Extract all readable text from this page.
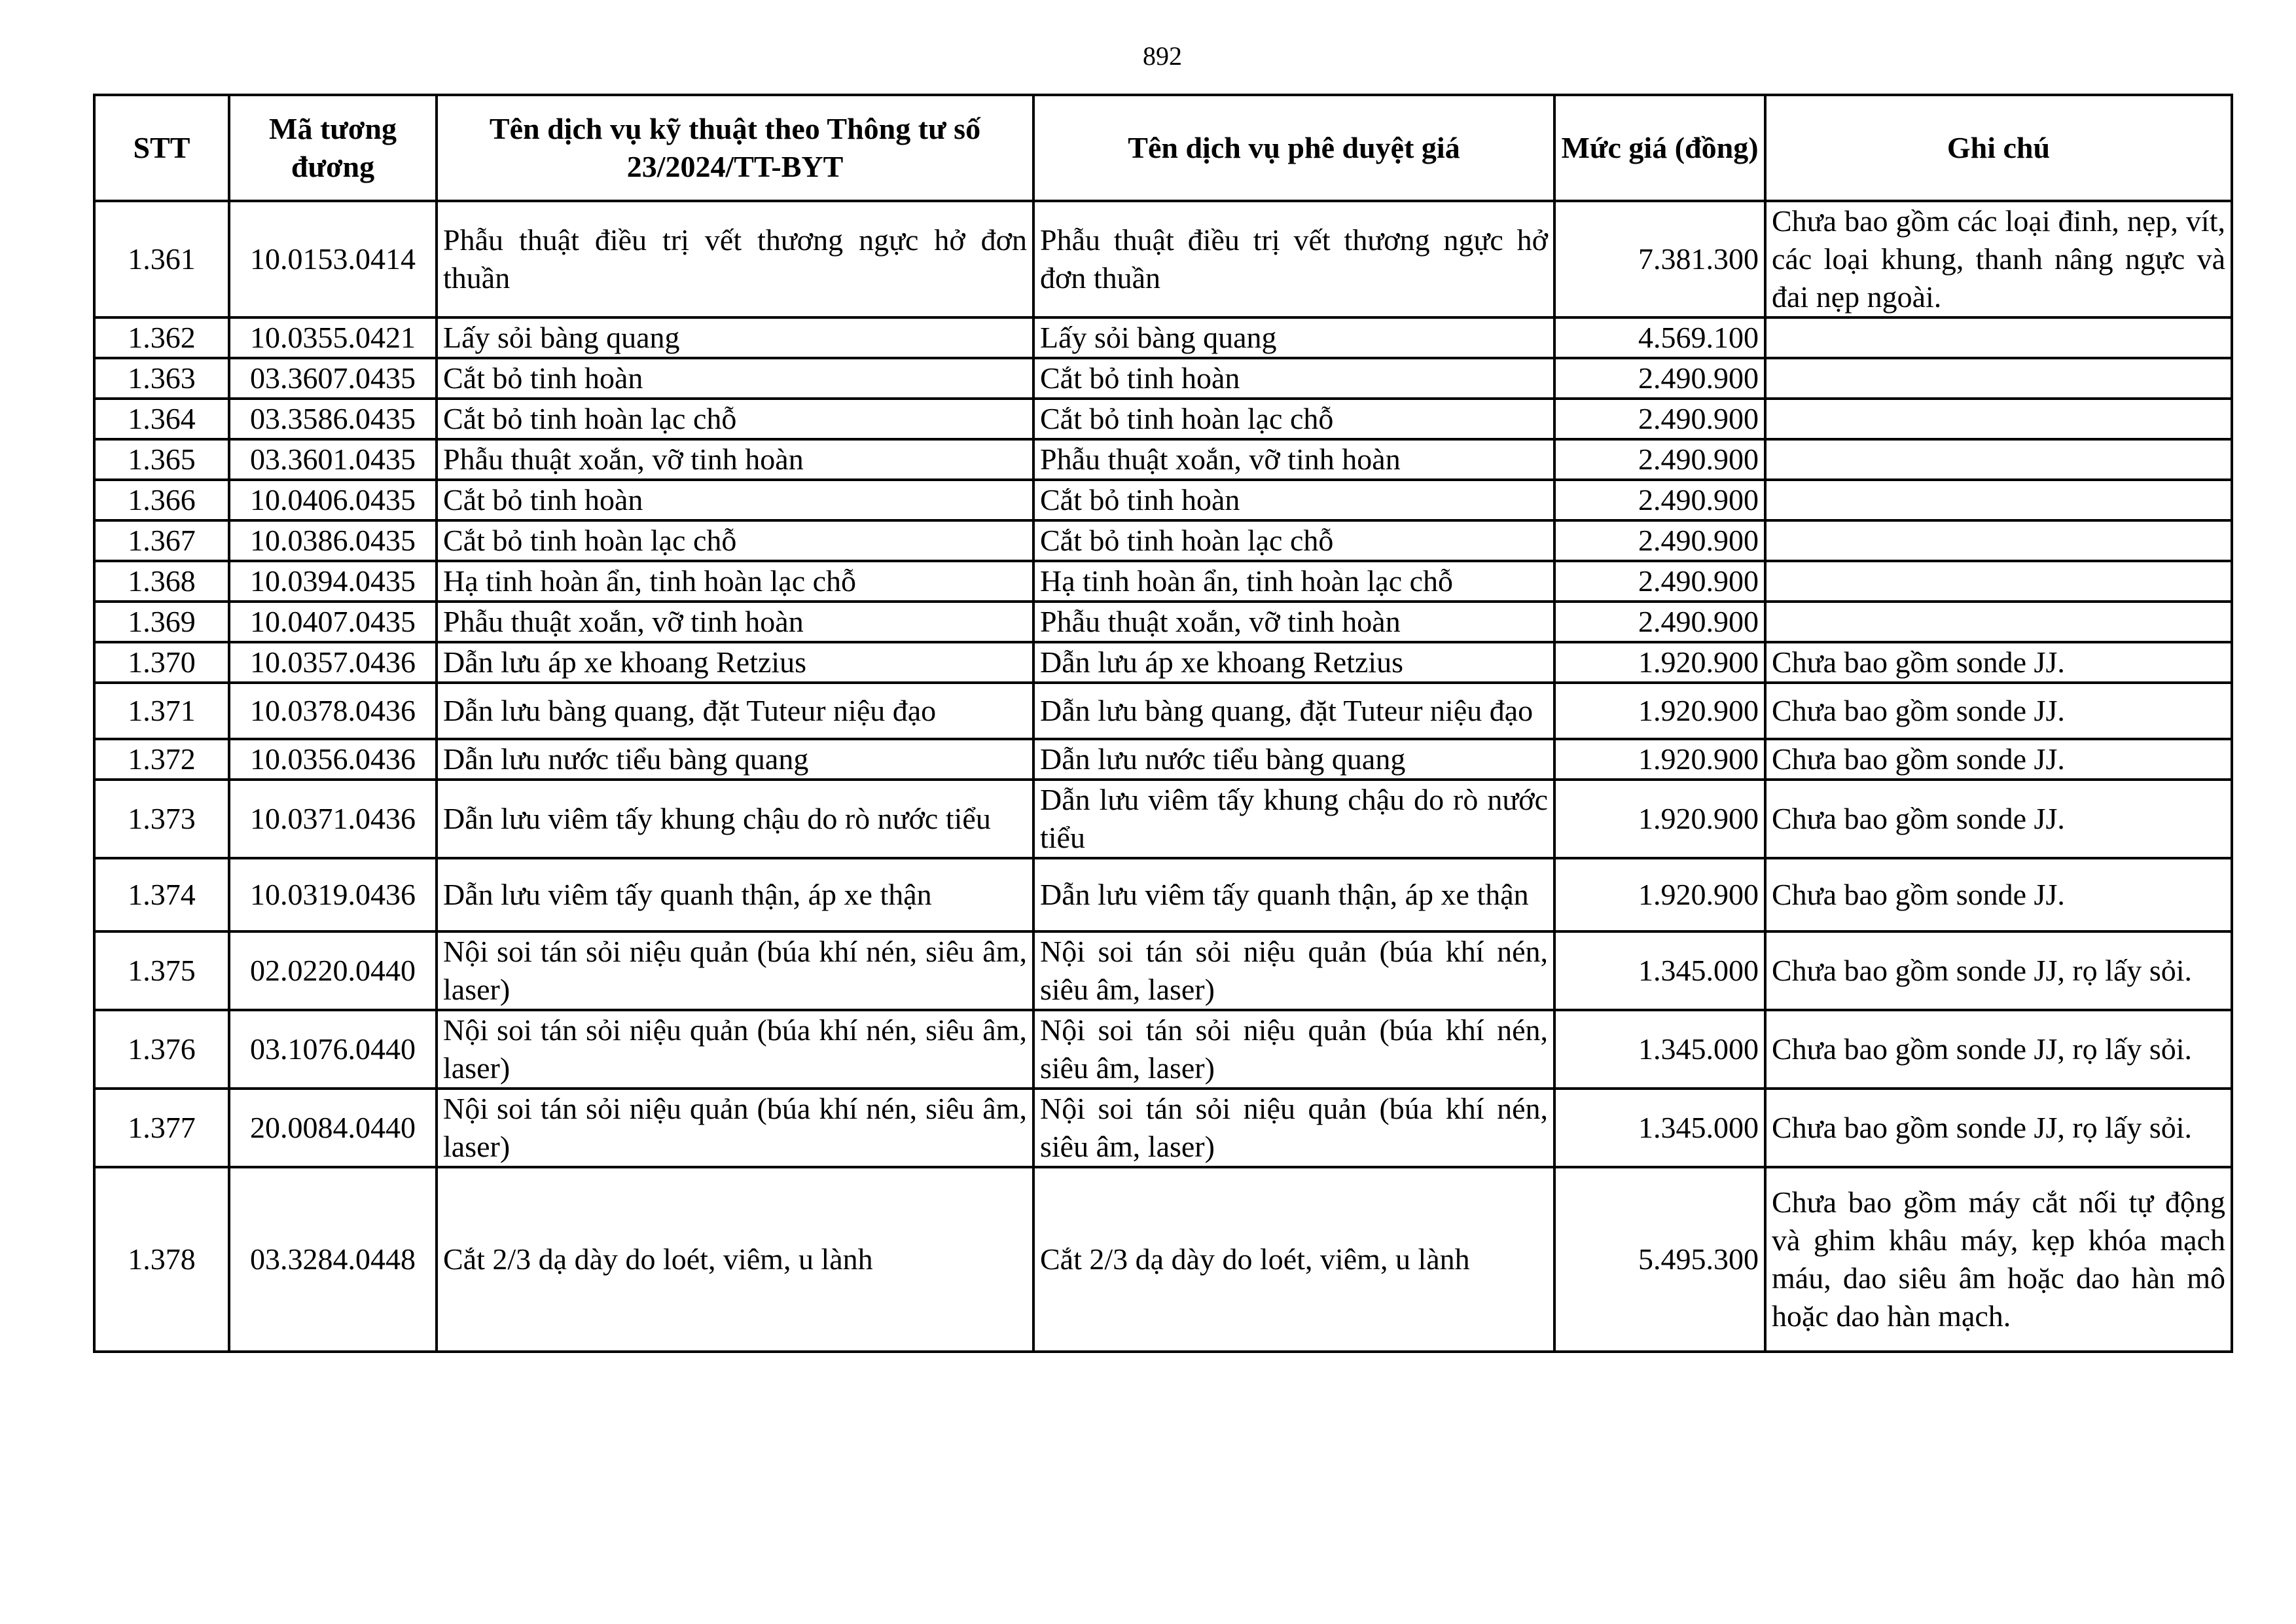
892
STT	Mã tương đương	Tên dịch vụ kỹ thuật theo Thông tư số 23/2024/TT-BYT	Tên dịch vụ phê duyệt giá	Mức giá (đồng)	Ghi chú
1.361	10.0153.0414	Phẫu thuật điều trị vết thương ngực hở đơn thuần	Phẫu thuật điều trị vết thương ngực hở đơn thuần	7.381.300	Chưa bao gồm các loại đinh, nẹp, vít, các loại khung, thanh nâng ngực và đai nẹp ngoài.
1.362	10.0355.0421	Lấy sỏi bàng quang	Lấy sỏi bàng quang	4.569.100	
1.363	03.3607.0435	Cắt bỏ tinh hoàn	Cắt bỏ tinh hoàn	2.490.900	
1.364	03.3586.0435	Cắt bỏ tinh hoàn lạc chỗ	Cắt bỏ tinh hoàn lạc chỗ	2.490.900	
1.365	03.3601.0435	Phẫu thuật xoắn, vỡ tinh hoàn	Phẫu thuật xoắn, vỡ tinh hoàn	2.490.900	
1.366	10.0406.0435	Cắt bỏ tinh hoàn	Cắt bỏ tinh hoàn	2.490.900	
1.367	10.0386.0435	Cắt bỏ tinh hoàn lạc chỗ	Cắt bỏ tinh hoàn lạc chỗ	2.490.900	
1.368	10.0394.0435	Hạ tinh hoàn ẩn, tinh hoàn lạc chỗ	Hạ tinh hoàn ẩn, tinh hoàn lạc chỗ	2.490.900	
1.369	10.0407.0435	Phẫu thuật xoắn, vỡ tinh hoàn	Phẫu thuật xoắn, vỡ tinh hoàn	2.490.900	
1.370	10.0357.0436	Dẫn lưu áp xe khoang Retzius	Dẫn lưu áp xe khoang Retzius	1.920.900	Chưa bao gồm sonde JJ.
1.371	10.0378.0436	Dẫn lưu bàng quang, đặt Tuteur niệu đạo	Dẫn lưu bàng quang, đặt Tuteur niệu đạo	1.920.900	Chưa bao gồm sonde JJ.
1.372	10.0356.0436	Dẫn lưu nước tiểu bàng quang	Dẫn lưu nước tiểu bàng quang	1.920.900	Chưa bao gồm sonde JJ.
1.373	10.0371.0436	Dẫn lưu viêm tấy khung chậu do rò nước tiểu	Dẫn lưu viêm tấy khung chậu do rò nước tiểu	1.920.900	Chưa bao gồm sonde JJ.
1.374	10.0319.0436	Dẫn lưu viêm tấy quanh thận, áp xe thận	Dẫn lưu viêm tấy quanh thận, áp xe thận	1.920.900	Chưa bao gồm sonde JJ.
1.375	02.0220.0440	Nội soi tán sỏi niệu quản (búa khí nén, siêu âm, laser)	Nội soi tán sỏi niệu quản (búa khí nén, siêu âm, laser)	1.345.000	Chưa bao gồm sonde JJ, rọ lấy sỏi.
1.376	03.1076.0440	Nội soi tán sỏi niệu quản (búa khí nén, siêu âm, laser)	Nội soi tán sỏi niệu quản (búa khí nén, siêu âm, laser)	1.345.000	Chưa bao gồm sonde JJ, rọ lấy sỏi.
1.377	20.0084.0440	Nội soi tán sỏi niệu quản (búa khí nén, siêu âm, laser)	Nội soi tán sỏi niệu quản (búa khí nén, siêu âm, laser)	1.345.000	Chưa bao gồm sonde JJ, rọ lấy sỏi.
1.378	03.3284.0448	Cắt 2/3 dạ dày do loét, viêm, u lành	Cắt 2/3 dạ dày do loét, viêm, u lành	5.495.300	Chưa bao gồm máy cắt nối tự động và ghim khâu máy, kẹp khóa mạch máu, dao siêu âm hoặc dao hàn mô hoặc dao hàn mạch.
